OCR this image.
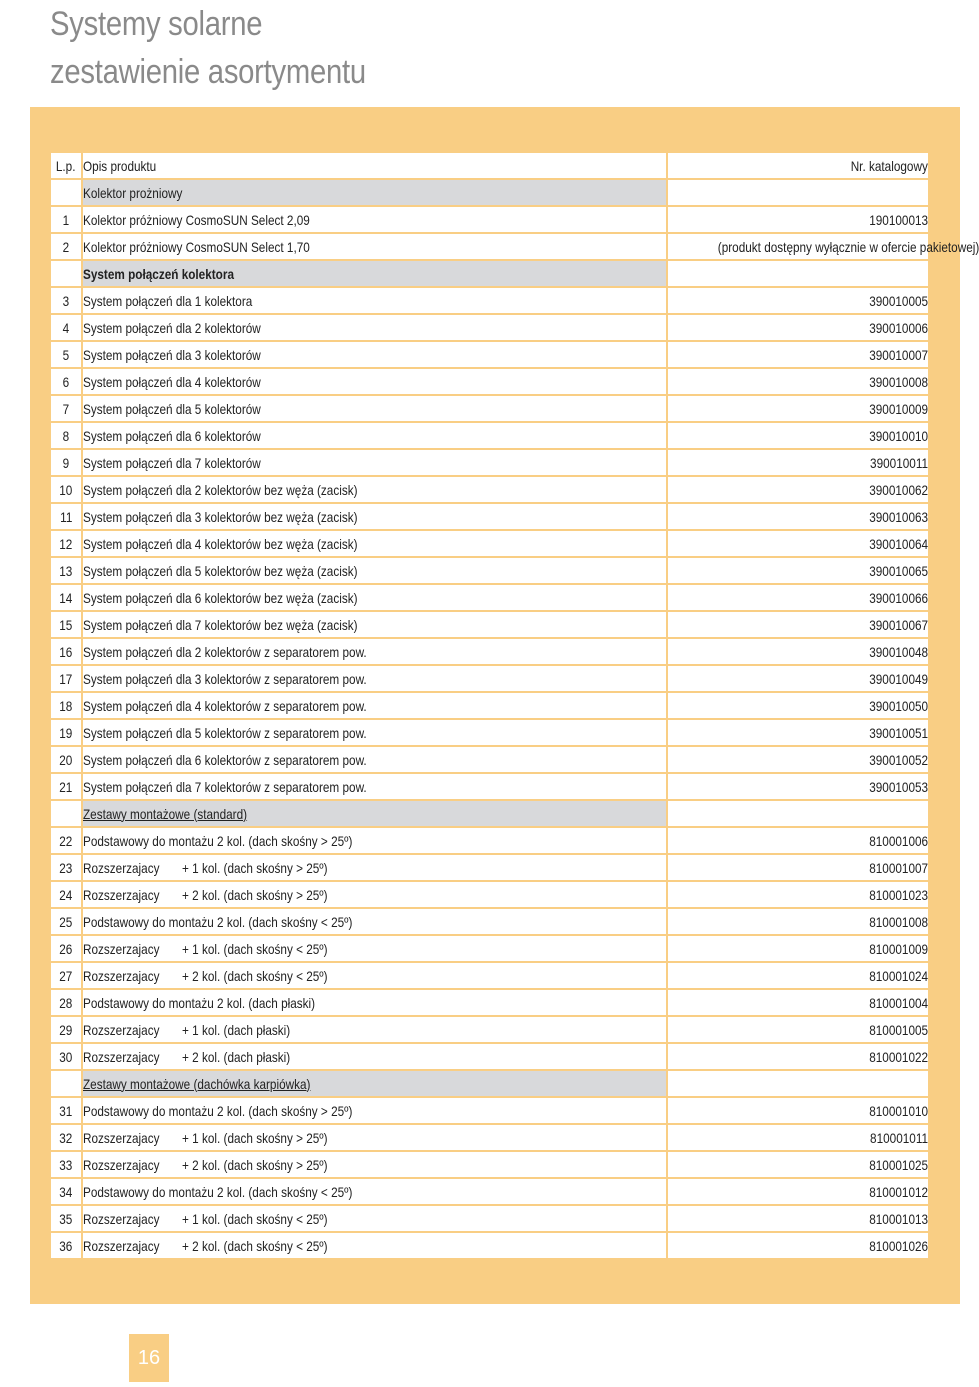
Systemy solarne
zestawienie asortymentu
L.p.	Opis produktu	Nr. katalogowy
	Kolektor prożniowy	
1	Kolektor próżniowy CosmoSUN Select 2,09	190100013
2	Kolektor próżniowy CosmoSUN Select 1,70	(produkt dostępny wyłącznie w ofercie pakietowej)
	System połączeń kolektora	
3	System połączeń dla 1 kolektora	390010005
4	System połączeń dla 2 kolektorów	390010006
5	System połączeń dla 3 kolektorów	390010007
6	System połączeń dla 4 kolektorów	390010008
7	System połączeń dla 5 kolektorów	390010009
8	System połączeń dla 6 kolektorów	390010010
9	System połączeń dla 7 kolektorów	390010011
10	System połączeń dla 2 kolektorów bez węża (zacisk)	390010062
11	System połączeń dla 3 kolektorów bez węża (zacisk)	390010063
12	System połączeń dla 4 kolektorów bez węża (zacisk)	390010064
13	System połączeń dla 5 kolektorów bez węża (zacisk)	390010065
14	System połączeń dla 6 kolektorów bez węża (zacisk)	390010066
15	System połączeń dla 7 kolektorów bez węża (zacisk)	390010067
16	System połączeń dla 2 kolektorów z separatorem pow.	390010048
17	System połączeń dla 3 kolektorów z separatorem pow.	390010049
18	System połączeń dla 4 kolektorów z separatorem pow.	390010050
19	System połączeń dla 5 kolektorów z separatorem pow.	390010051
20	System połączeń dla 6 kolektorów z separatorem pow.	390010052
21	System połączeń dla 7 kolektorów z separatorem pow.	390010053
	Zestawy montażowe (standard)	
22	Podstawowy do montażu 2 kol. (dach skośny > 25º)	810001006
23	Rozszerzajacy + 1 kol. (dach skośny > 25º)	810001007
24	Rozszerzajacy + 2 kol. (dach skośny > 25º)	810001023
25	Podstawowy do montażu 2 kol. (dach skośny < 25º)	810001008
26	Rozszerzajacy + 1 kol. (dach skośny < 25º)	810001009
27	Rozszerzajacy + 2 kol. (dach skośny < 25º)	810001024
28	Podstawowy do montażu 2 kol. (dach płaski)	810001004
29	Rozszerzajacy + 1 kol. (dach płaski)	810001005
30	Rozszerzajacy + 2 kol. (dach płaski)	810001022
	Zestawy montażowe (dachówka karpiówka)	
31	Podstawowy do montażu 2 kol. (dach skośny > 25º)	810001010
32	Rozszerzajacy + 1 kol. (dach skośny > 25º)	810001011
33	Rozszerzajacy + 2 kol. (dach skośny > 25º)	810001025
34	Podstawowy do montażu 2 kol. (dach skośny < 25º)	810001012
35	Rozszerzajacy + 1 kol. (dach skośny < 25º)	810001013
36	Rozszerzajacy + 2 kol. (dach skośny < 25º)	810001026
16
